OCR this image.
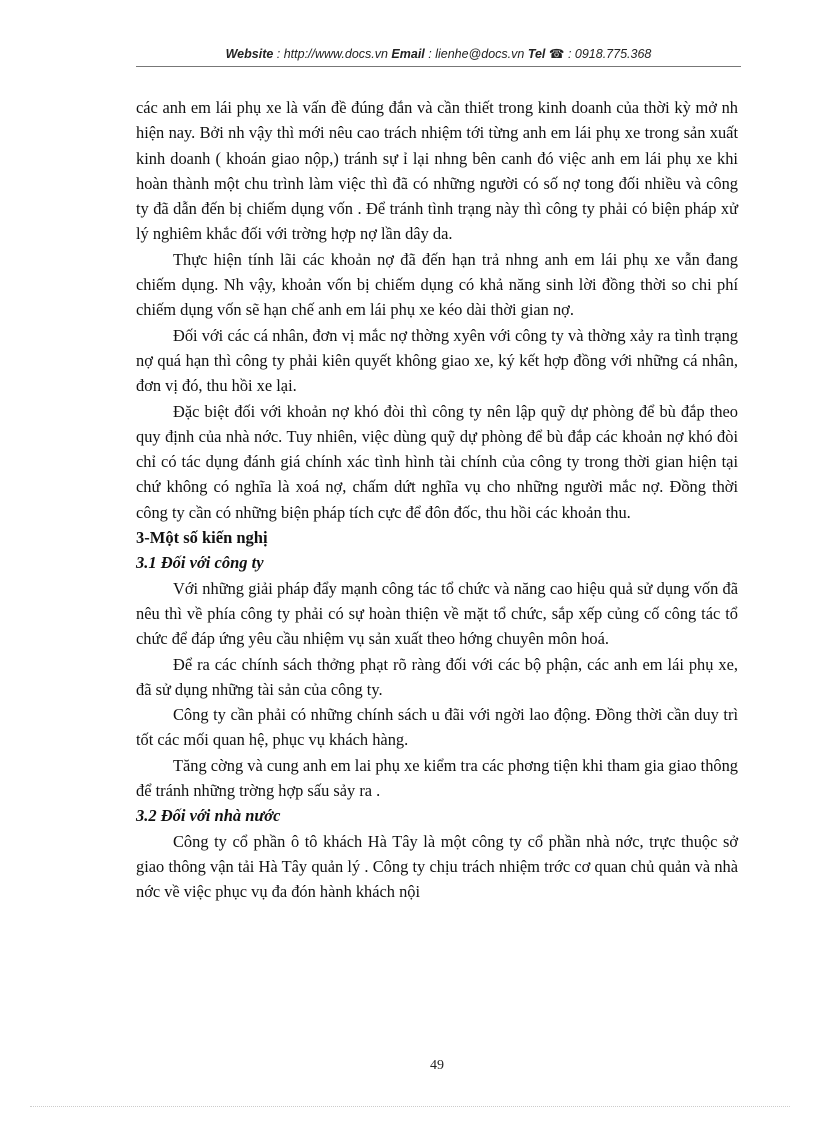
Website : http://www.docs.vn Email : lienhe@docs.vn Tel ☎ : 0918.775.368

các anh em lái phụ xe là vấn đề đúng đắn và cần thiết trong kinh doanh của thời kỳ mở nh hiện nay. Bởi nh vậy thì mới nêu cao trách nhiệm tới từng anh em lái phụ xe trong sản xuất kinh doanh ( khoán giao nộp,) tránh sự ỉ lại nhng bên canh đó việc anh em lái phụ xe khi hoàn thành một chu trình làm việc thì đã có những người có số nợ tong đối nhiều và công ty đã dẫn đến bị chiếm dụng vốn . Để tránh tình trạng này thì công ty phải có biện pháp xử lý nghiêm khắc đối với trờng hợp nợ lần dây da.

Thực hiện tính lãi các khoản nợ đã đến hạn trả nhng anh em lái phụ xe vẫn đang chiếm dụng. Nh vậy, khoản vốn bị chiếm dụng có khả năng sinh lời đồng thời so chi phí chiếm dụng vốn sẽ hạn chế anh em lái phụ xe kéo dài thời gian nợ.

Đối với các cá nhân, đơn vị mắc nợ thờng xyên với công ty và thờng xảy ra tình trạng nợ quá hạn thì công ty phải kiên quyết không giao xe, ký kết hợp đồng với những cá nhân, đơn vị đó, thu hồi xe lại.

Đặc biệt đối với khoản nợ khó đòi thì công ty nên lập quỹ dự phòng để bù đắp theo quy định của nhà nớc. Tuy nhiên, việc dùng quỹ dự phòng để bù đắp các khoản nợ khó đòi chỉ có tác dụng đánh giá chính xác tình hình tài chính của công ty trong thời gian hiện tại chứ không có nghĩa là xoá nợ, chấm dứt nghĩa vụ cho những người mắc nợ. Đồng thời công ty cần có những biện pháp tích cực để đôn đốc, thu hồi các khoản thu.

3-Một số kiến nghị

3.1 Đối với công ty

Với những giải pháp đẩy mạnh công tác tổ chức và năng cao hiệu quả sử dụng vốn đã nêu thì về phía công ty phải có sự hoàn thiện về mặt tổ chức, sắp xếp củng cố công tác tổ chức để đáp ứng yêu cầu nhiệm vụ sản xuất theo hớng chuyên môn hoá.

Để ra các chính sách thởng phạt rõ ràng đối với các bộ phận, các anh em lái phụ xe, đã sử dụng những tài sản của công ty.

Công ty cần phải có những chính sách u đãi với ngời lao động. Đồng thời cần duy trì tốt các mối quan hệ, phục vụ khách hàng.

Tăng cờng và cung anh em lai phụ xe kiểm tra các phơng tiện khi tham gia giao thông để tránh những trờng hợp sấu sảy ra .

3.2 Đối với nhà nước

Công ty cổ phần ô tô khách Hà Tây là một công ty cổ phần nhà nớc, trực thuộc sở giao thông vận tải Hà Tây quản lý . Công ty chịu trách nhiệm trớc cơ quan chủ quản và nhà nớc về việc phục vụ đa đón hành khách nội

49
